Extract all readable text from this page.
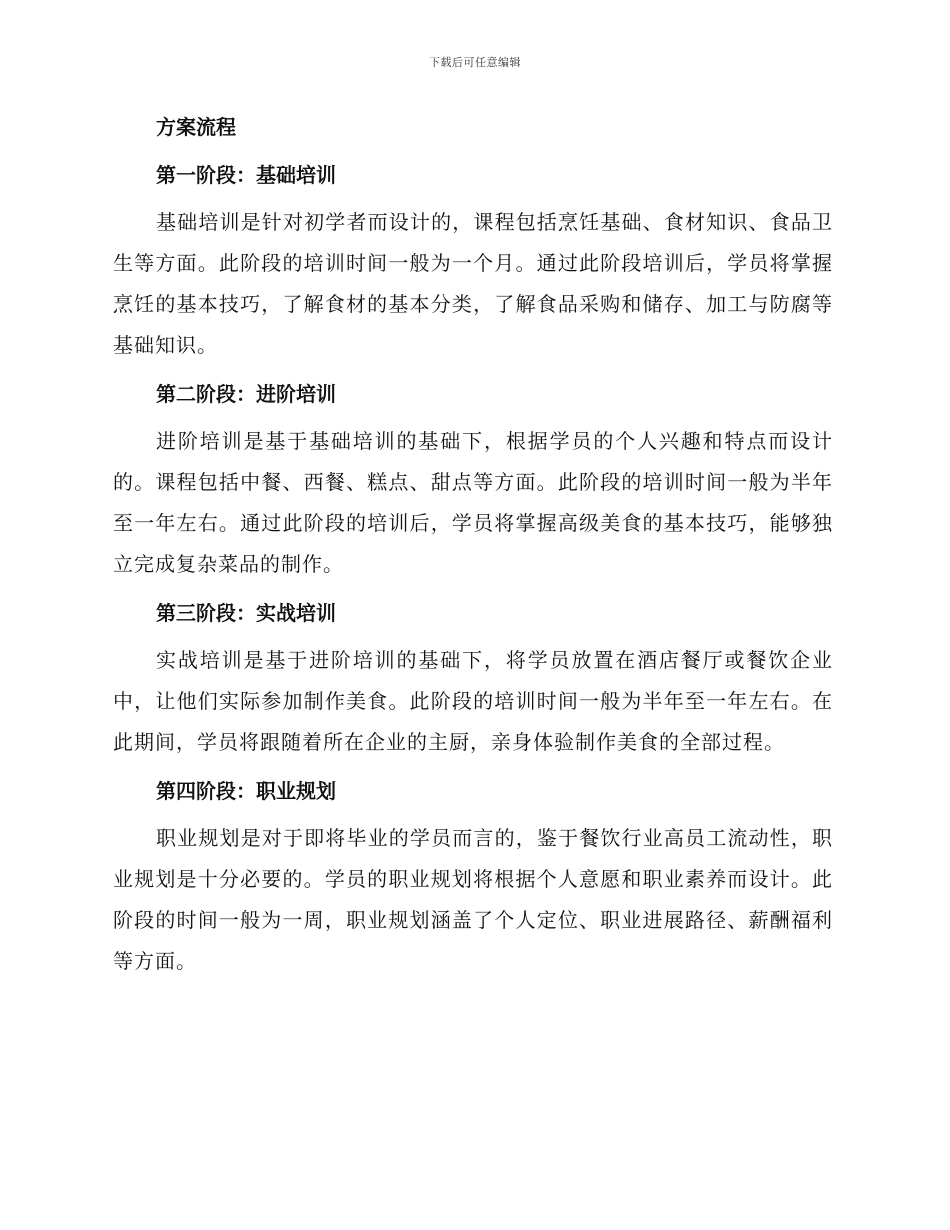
下载后可任意编辑

方案流程

第一阶段：基础培训

基础培训是针对初学者而设计的，课程包括烹饪基础、食材知识、食品卫生等方面。此阶段的培训时间一般为一个月。通过此阶段培训后，学员将掌握烹饪的基本技巧，了解食材的基本分类，了解食品采购和储存、加工与防腐等基础知识。

第二阶段：进阶培训

进阶培训是基于基础培训的基础下，根据学员的个人兴趣和特点而设计的。课程包括中餐、西餐、糕点、甜点等方面。此阶段的培训时间一般为半年至一年左右。通过此阶段的培训后，学员将掌握高级美食的基本技巧，能够独立完成复杂菜品的制作。

第三阶段：实战培训

实战培训是基于进阶培训的基础下，将学员放置在酒店餐厅或餐饮企业中，让他们实际参加制作美食。此阶段的培训时间一般为半年至一年左右。在此期间，学员将跟随着所在企业的主厨，亲身体验制作美食的全部过程。

第四阶段：职业规划

职业规划是对于即将毕业的学员而言的，鉴于餐饮行业高员工流动性，职业规划是十分必要的。学员的职业规划将根据个人意愿和职业素养而设计。此阶段的时间一般为一周，职业规划涵盖了个人定位、职业进展路径、薪酬福利等方面。
